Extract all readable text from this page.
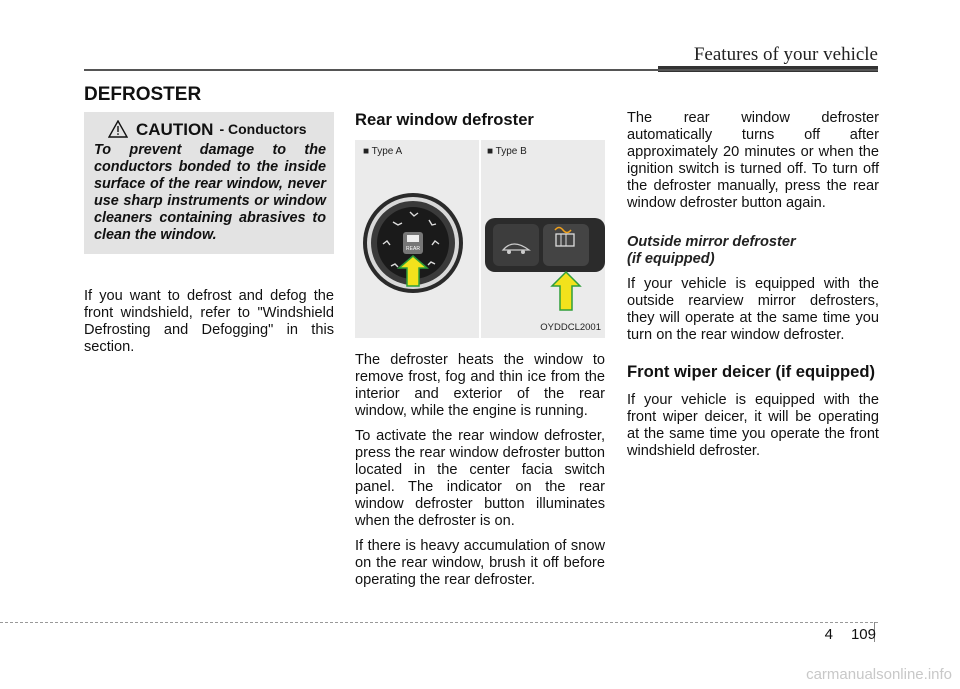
Features of your vehicle
DEFROSTER
CAUTION - Conductors
To prevent damage to the conductors bonded to the inside surface of the rear window, never use sharp instruments or window cleaners containing abrasives to clean the window.

If you want to defrost and defog the front windshield, refer to "Windshield Defrosting and Defogging" in this section.

Rear window defroster
■ Type A
REAR
■ Type B
OYDDCL2001

The defroster heats the window to remove frost, fog and thin ice from the interior and exterior of the rear window, while the engine is running.

To activate the rear window defroster, press the rear window defroster button located in the center facia switch panel. The indicator on the rear window defroster button illuminates when the defroster is on.

If there is heavy accumulation of snow on the rear window, brush it off before operating the rear defroster.

The rear window defroster automatically turns off after approximately 20 minutes or when the ignition switch is turned off. To turn off the defroster manually, press the rear window defroster button again.

Outside mirror defroster
(if equipped)

If your vehicle is equipped with the outside rearview mirror defrosters, they will operate at the same time you turn on the rear window defroster.

Front wiper deicer (if equipped)

If your vehicle is equipped with the front wiper deicer, it will be operating at the same time you operate the front windshield defroster.

4 109
carmanualsonline.info
